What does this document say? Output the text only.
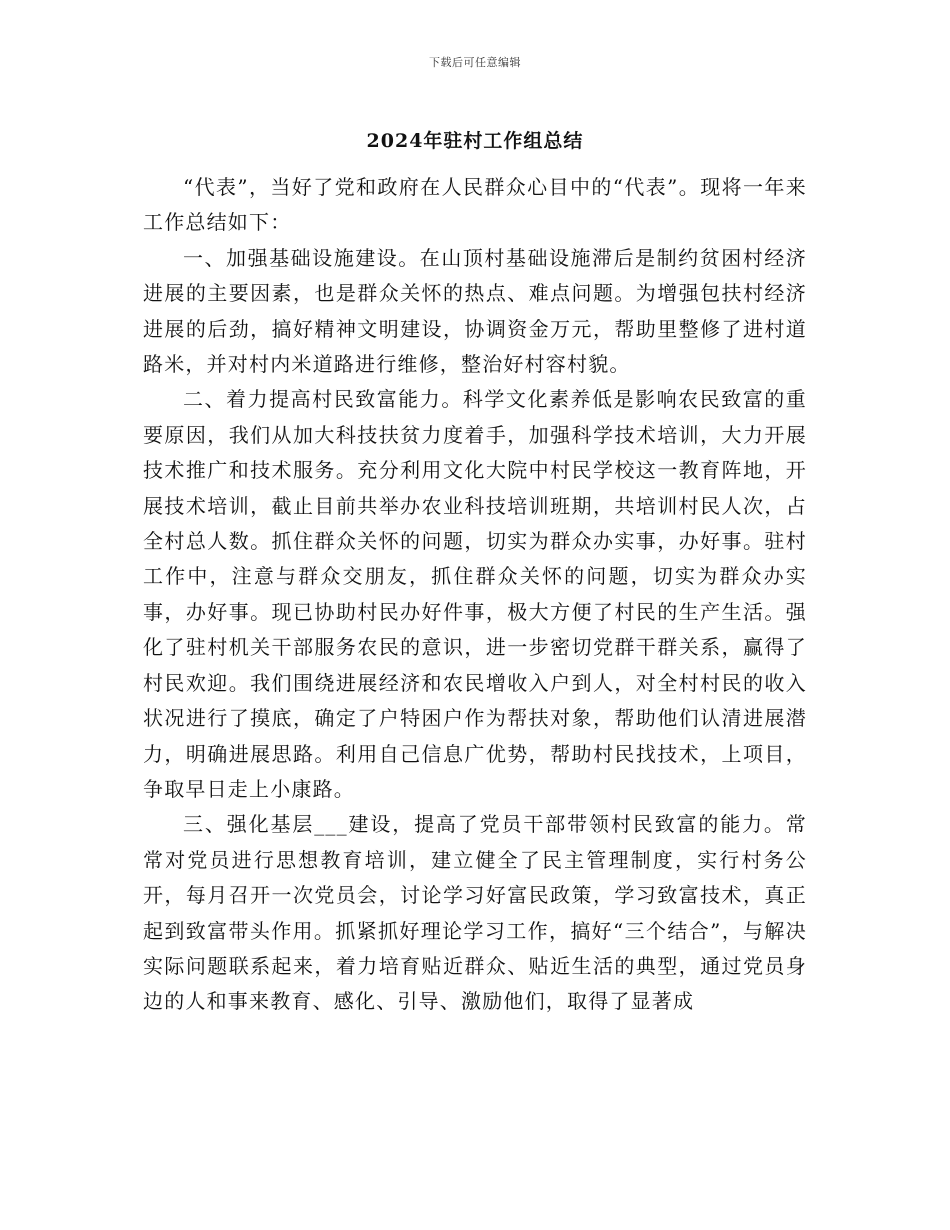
下载后可任意编辑
2024年驻村工作组总结

“代表”，当好了党和政府在人民群众心目中的“代表”。现将一年来工作总结如下：

一、加强基础设施建设。在山顶村基础设施滞后是制约贫困村经济进展的主要因素，也是群众关怀的热点、难点问题。为增强包扶村经济进展的后劲，搞好精神文明建设，协调资金万元，帮助里整修了进村道路米，并对村内米道路进行维修，整治好村容村貌。

二、着力提高村民致富能力。科学文化素养低是影响农民致富的重要原因，我们从加大科技扶贫力度着手，加强科学技术培训，大力开展技术推广和技术服务。充分利用文化大院中村民学校这一教育阵地，开展技术培训，截止目前共举办农业科技培训班期，共培训村民人次，占全村总人数。抓住群众关怀的问题，切实为群众办实事，办好事。驻村工作中，注意与群众交朋友，抓住群众关怀的问题，切实为群众办实事，办好事。现已协助村民办好件事，极大方便了村民的生产生活。强化了驻村机关干部服务农民的意识，进一步密切党群干群关系，赢得了村民欢迎。我们围绕进展经济和农民增收入户到人，对全村村民的收入状况进行了摸底，确定了户特困户作为帮扶对象，帮助他们认清进展潜力，明确进展思路。利用自己信息广优势，帮助村民找技术，上项目，争取早日走上小康路。

三、强化基层___建设，提高了党员干部带领村民致富的能力。常常对党员进行思想教育培训，建立健全了民主管理制度，实行村务公开，每月召开一次党员会，讨论学习好富民政策，学习致富技术，真正起到致富带头作用。抓紧抓好理论学习工作，搞好“三个结合”，与解决实际问题联系起来，着力培育贴近群众、贴近生活的典型，通过党员身边的人和事来教育、感化、引导、激励他们，取得了显著成
